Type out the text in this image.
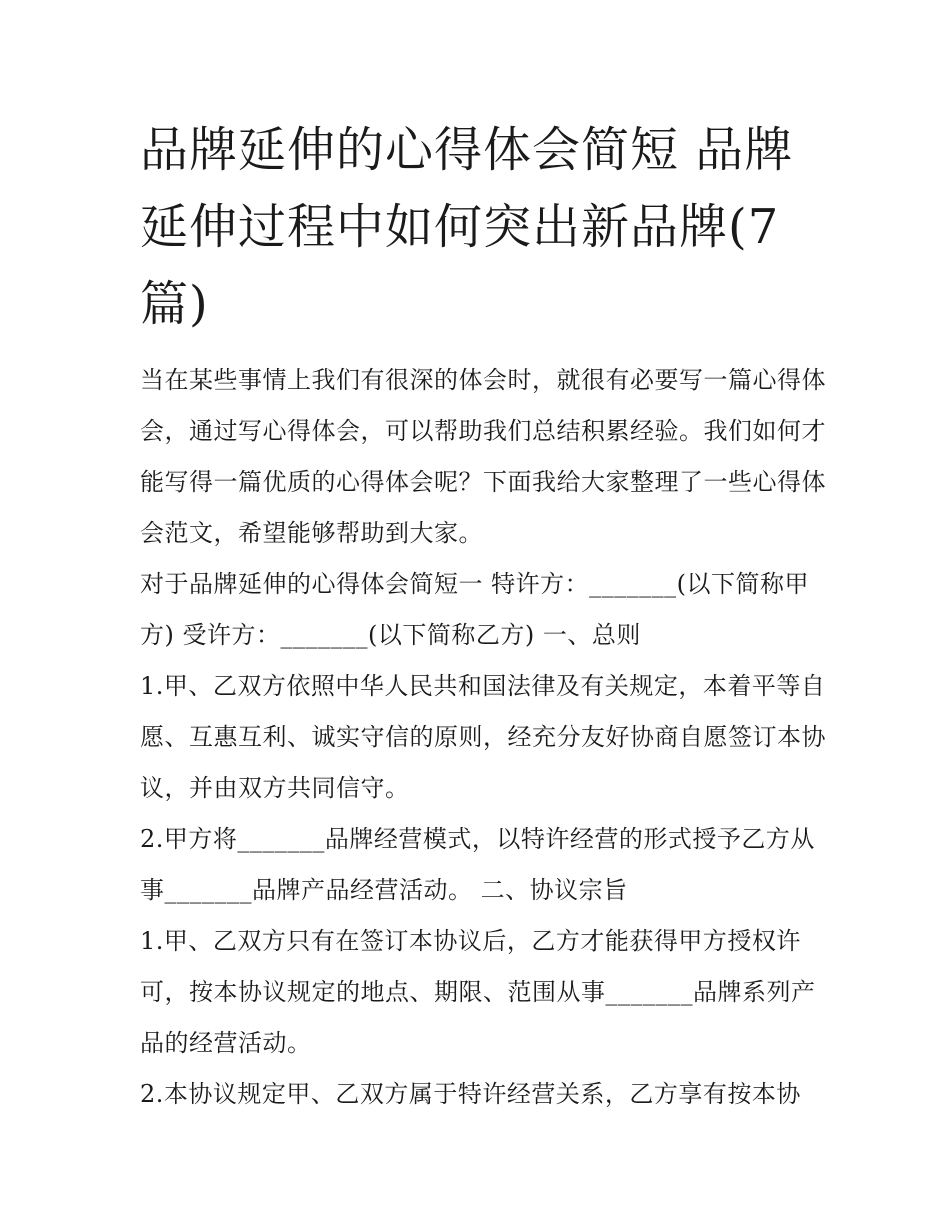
品牌延伸的心得体会简短 品牌延伸过程中如何突出新品牌(7篇)

当在某些事情上我们有很深的体会时，就很有必要写一篇心得体会，通过写心得体会，可以帮助我们总结积累经验。我们如何才能写得一篇优质的心得体会呢？下面我给大家整理了一些心得体会范文，希望能够帮助到大家。

对于品牌延伸的心得体会简短一 特许方：_______(以下简称甲方) 受许方：_______(以下简称乙方) 一、总则

1.甲、乙双方依照中华人民共和国法律及有关规定，本着平等自愿、互惠互利、诚实守信的原则，经充分友好协商自愿签订本协议，并由双方共同信守。

2.甲方将_______品牌经营模式，以特许经营的形式授予乙方从事_______品牌产品经营活动。 二、协议宗旨

1.甲、乙双方只有在签订本协议后，乙方才能获得甲方授权许可，按本协议规定的地点、期限、范围从事_______品牌系列产品的经营活动。

2.本协议规定甲、乙双方属于特许经营关系，乙方享有按本协
